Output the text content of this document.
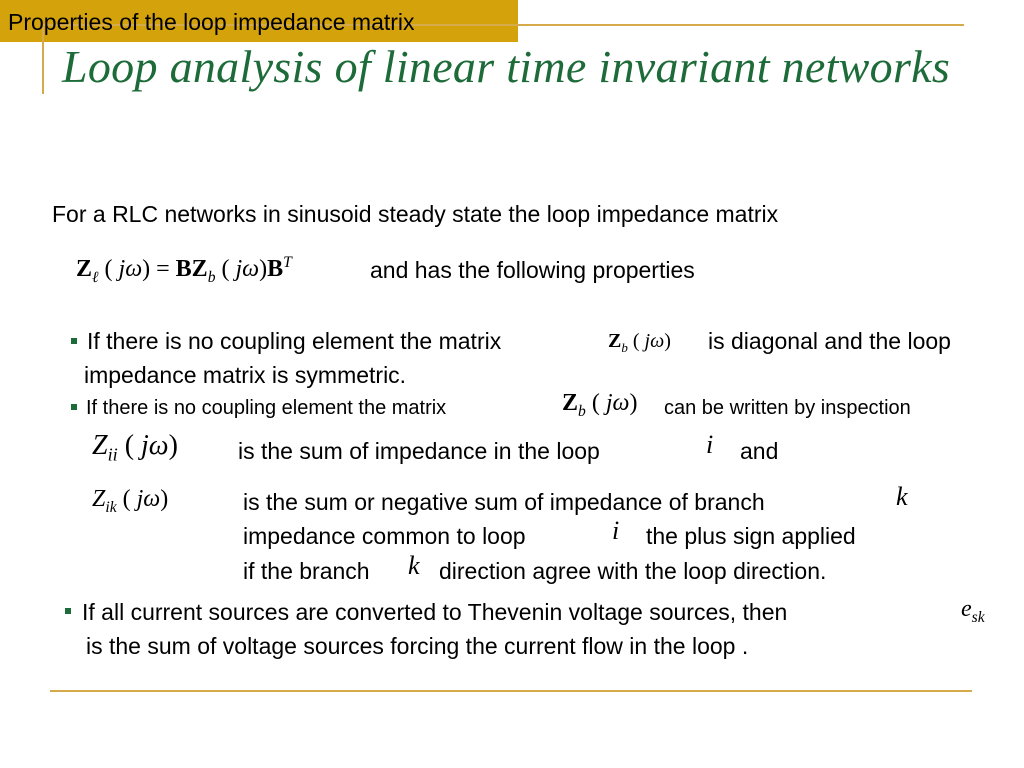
Loop analysis of linear time invariant networks
Properties of the loop impedance matrix
For a RLC networks in sinusoid steady state the loop impedance matrix
$Z_\ell$ ( $j\omega) = BZ_b$ ( $j\omega)B^T$	and has the following properties
If there is no coupling element the matrix	$Z_b$ ( jω) is diagonal and the loop
impedance matrix is symmetric.
If there is no coupling element the matrix	$Z_b$ ( jω) can be written by inspection
$Z_{ii}$ ( jω)	is the sum of impedance in the loop	i and
$Z_{ik}$ ( jω)	is the sum or negative sum of impedance of branch	k
impedance common to loop	i the plus sign applied
if the branch k direction agree with the loop direction.
If all current sources are converted to Thevenin voltage sources, then	$e_{sk}$
is the sum of voltage sources forcing the current flow in the loop .
